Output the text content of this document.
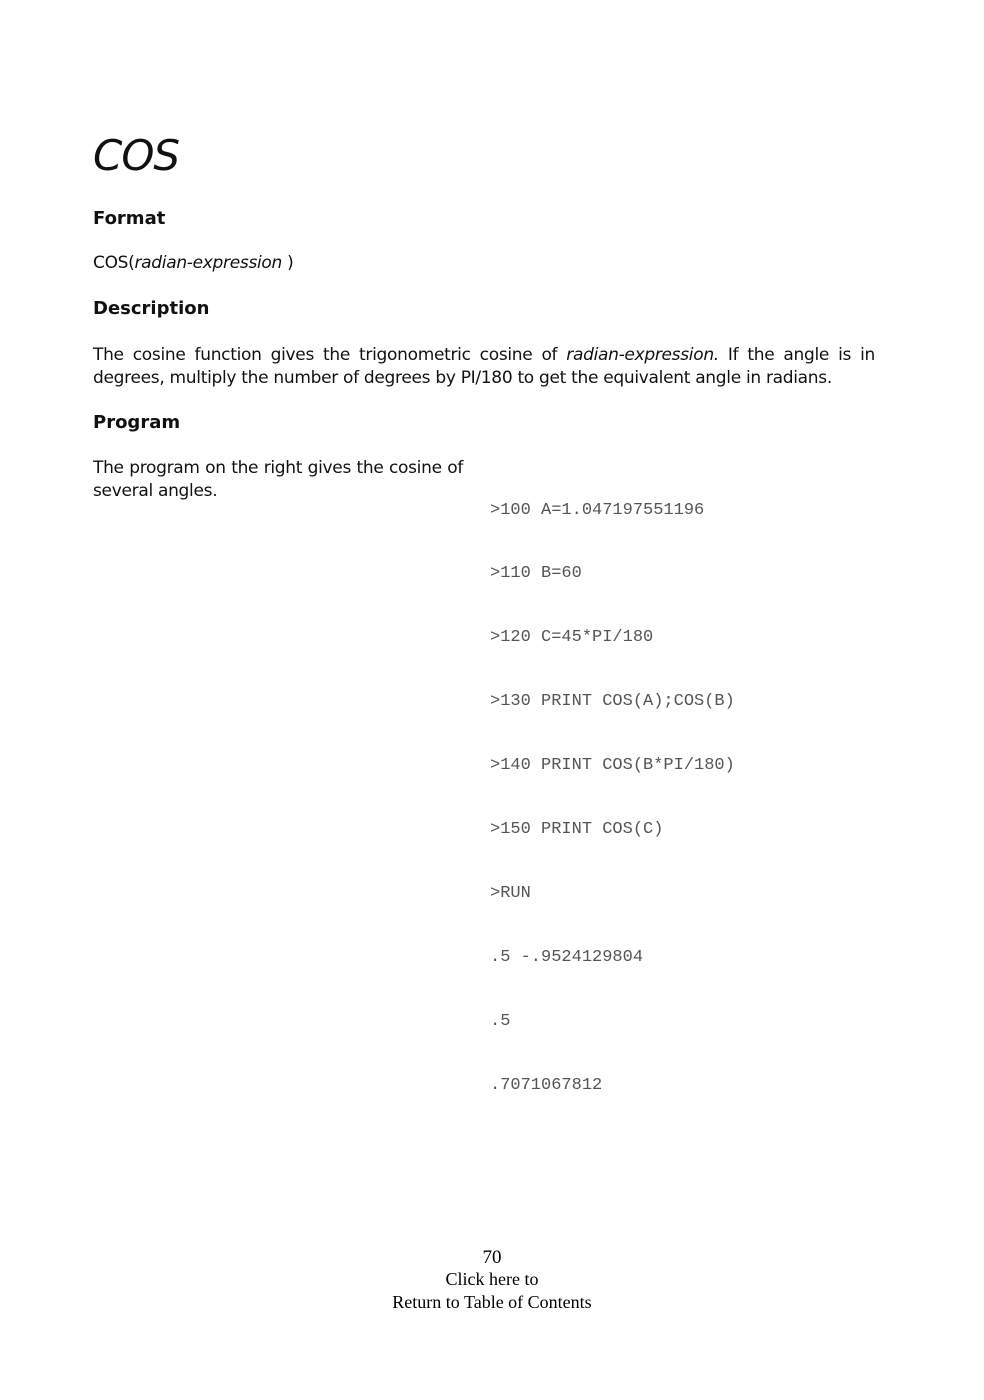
COS
Format

COS(radian-expression )

Description

The cosine function gives the trigonometric cosine of radian-expression. If the angle is in degrees, multiply the number of degrees by PI/180 to get the equivalent angle in radians.

Program

The program on the right gives the cosine of several angles.

>100 A=1.047197551196

>110 B=60

>120 C=45*PI/180

>130 PRINT COS(A);COS(B)

>140 PRINT COS(B*PI/180)

>150 PRINT COS(C)

>RUN

.5 -.9524129804

.5

.7071067812

70
Click here to
Return to Table of Contents
